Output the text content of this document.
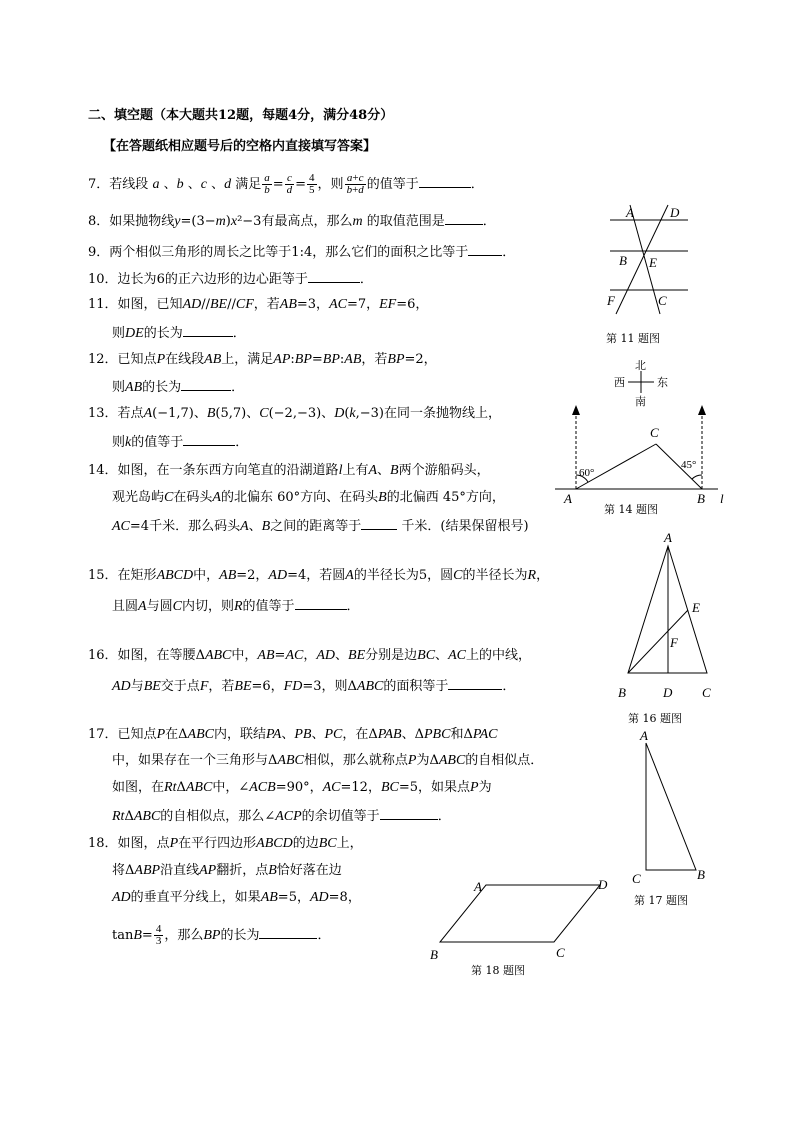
二、填空题（本大题共12题，每题4分，满分48分）
【在答题纸相应题号后的空格内直接填写答案】
7．若线段 a 、b 、c 、d 满足 $\frac{a}{b} = \frac{c}{d} = \frac{4}{5}$ ，则 $\frac{a+c}{b+d}$ 的值等于	．
8．如果抛物线y=(3−m)x²−3有最高点，那么m 的取值范围是	．
9．两个相似三角形的周长之比等于1:4，那么它们的面积之比等于	．
10．边长为6的正六边形的边心距等于	．
11．如图，已知AD//BE//CF，若AB=3，AC=7，EF=6，
则DE的长为	．
12．已知点P在线段AB上，满足AP:BP=BP:AB，若BP=2，
则AB的长为	．
13．若点A(−1,7)、B(5,7)、C(−2,−3)、D(k,−3)在同一条抛物线上，
则k的值等于	．
14．如图，在一条东西方向笔直的沿湖道路l上有A、B两个游船码头，
观光岛屿C在码头A的北偏东 60°方向、在码头B的北偏西 45°方向，
AC=4千米．那么码头A、B之间的距离等于	千米．(结果保留根号)
15．在矩形ABCD中，AB=2，AD=4，若圆A的半径长为5，圆C的半径长为R，
且圆A与圆C内切，则R的值等于	．
16．如图，在等腰ΔABC中，AB=AC，AD、BE分别是边BC、AC上的中线，
AD与BE交于点F，若BE=6，FD=3，则ΔABC的面积等于	．
17．已知点P在ΔABC内，联结PA、PB、PC，在ΔPAB、ΔPBC和ΔPAC
中，如果存在一个三角形与ΔABC相似，那么就称点P为ΔABC的自相似点．
如图，在RtΔABC中，∠ACB=90°，AC=12，BC=5，如果点P为
RtΔABC的自相似点，那么∠ACP的余切值等于	．
18．如图，点P在平行四边形ABCD的边BC上，
将ΔABP沿直线AP翻折，点B恰好落在边
AD的垂直平分线上，如果AB=5，AD=8，
$\tan B= \frac{4}{3}$ ，那么BP的长为	．
A	D
B E
F	C
第 11 题图
北
西	东
南
C
A	B l
60°
45°
第 14 题图
A
E
F
B	D C
第 16 题图
A
C	B
第 17 题图
A	D
B	C
第 18 题图
